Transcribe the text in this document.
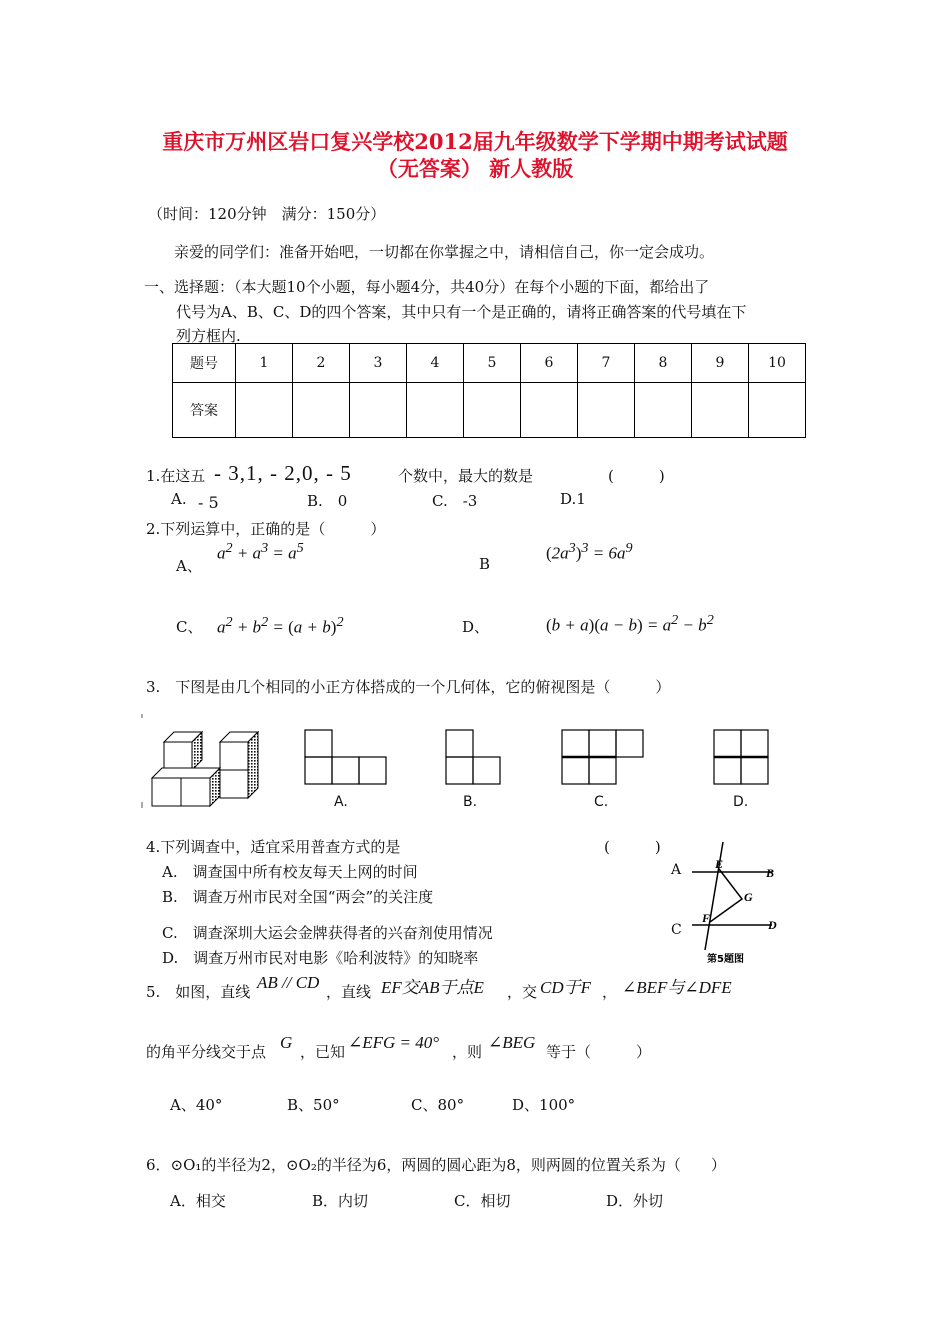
重庆市万州区岩口复兴学校2012届九年级数学下学期中期考试试题
（无答案） 新人教版
（时间：120分钟　满分：150分）
亲爱的同学们：准备开始吧，一切都在你掌握之中，请相信自己，你一定会成功。
一、选择题：（本大题10个小题，每小题4分，共40分）在每个小题的下面，都给出了
代号为A、B、C、D的四个答案，其中只有一个是正确的，请将正确答案的代号填在下
列方框内.
题号	1	2	3	4	5	6	7	8	9	10
答案										
1.在这五 - 3,1, - 2,0, - 5	个数中，最大的数是	(　　　)
A. - 5	B.　0	C.　-3	D.1
2.下列运算中，正确的是（　　　）
A、
$a^2 + a^3 = a^5$
B
$(2a^3)^3 = 6a^9$
C、 $a^2 + b^2 = (a + b)^2$	D、	$(b + a)(a - b) = a^2 - b^2$
3.　下图是由几个相同的小正方体搭成的一个几何体，它的俯视图是（　　　）
A.	B.	C.	D.
4.下列调查中，适宜采用普查方式的是	(　　　)
A.　调查国中所有校友每天上网的时间
B.　调查万州市民对全国“两会”的关注度
C.　调查深圳大运会金牌获得者的兴奋剂使用情况
D.　调查万州市民对电影《哈利波特》的知晓率
A
C
E
B
G
F	D
第5题图
5.　如图，直线 AB // CD ，直线 EF交AB于点E ，交 CD于F ， ∠BEF与∠DFE
的角平分线交于点 G ，已知 ∠EFG = 40° ，则 ∠BEG 等于（　　　）
A、40°	B、50°	C、80°	D、100°
6．⊙O₁的半径为2，⊙O₂的半径为6，两圆的圆心距为8，则两圆的位置关系为（　　）
A．相交	B．内切	C．相切	D．外切
